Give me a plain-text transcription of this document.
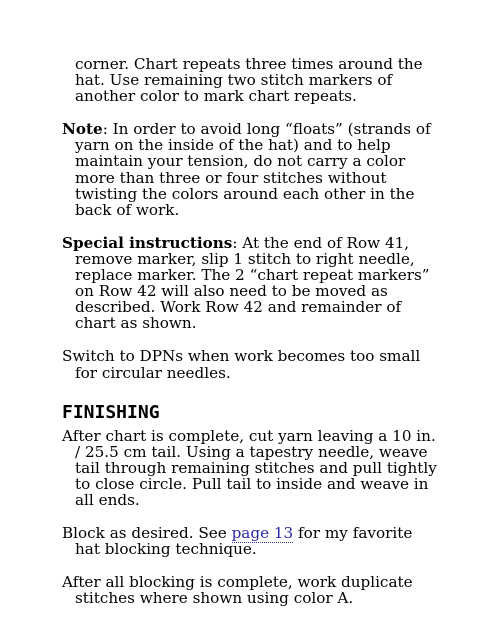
corner. Chart repeats three times around the hat. Use remaining two stitch markers of another color to mark chart repeats.

Note: In order to avoid long “floats” (strands of yarn on the inside of the hat) and to help maintain your tension, do not carry a color more than three or four stitches without twisting the colors around each other in the back of work.

Special instructions: At the end of Row 41, remove marker, slip 1 stitch to right needle, replace marker. The 2 “chart repeat markers” on Row 42 will also need to be moved as described. Work Row 42 and remainder of chart as shown.

Switch to DPNs when work becomes too small for circular needles.

FINISHING

After chart is complete, cut yarn leaving a 10 in. / 25.5 cm tail. Using a tapestry needle, weave tail through remaining stitches and pull tightly to close circle. Pull tail to inside and weave in all ends.

Block as desired. See page 13 for my favorite hat blocking technique.

After all blocking is complete, work duplicate stitches where shown using color A.
